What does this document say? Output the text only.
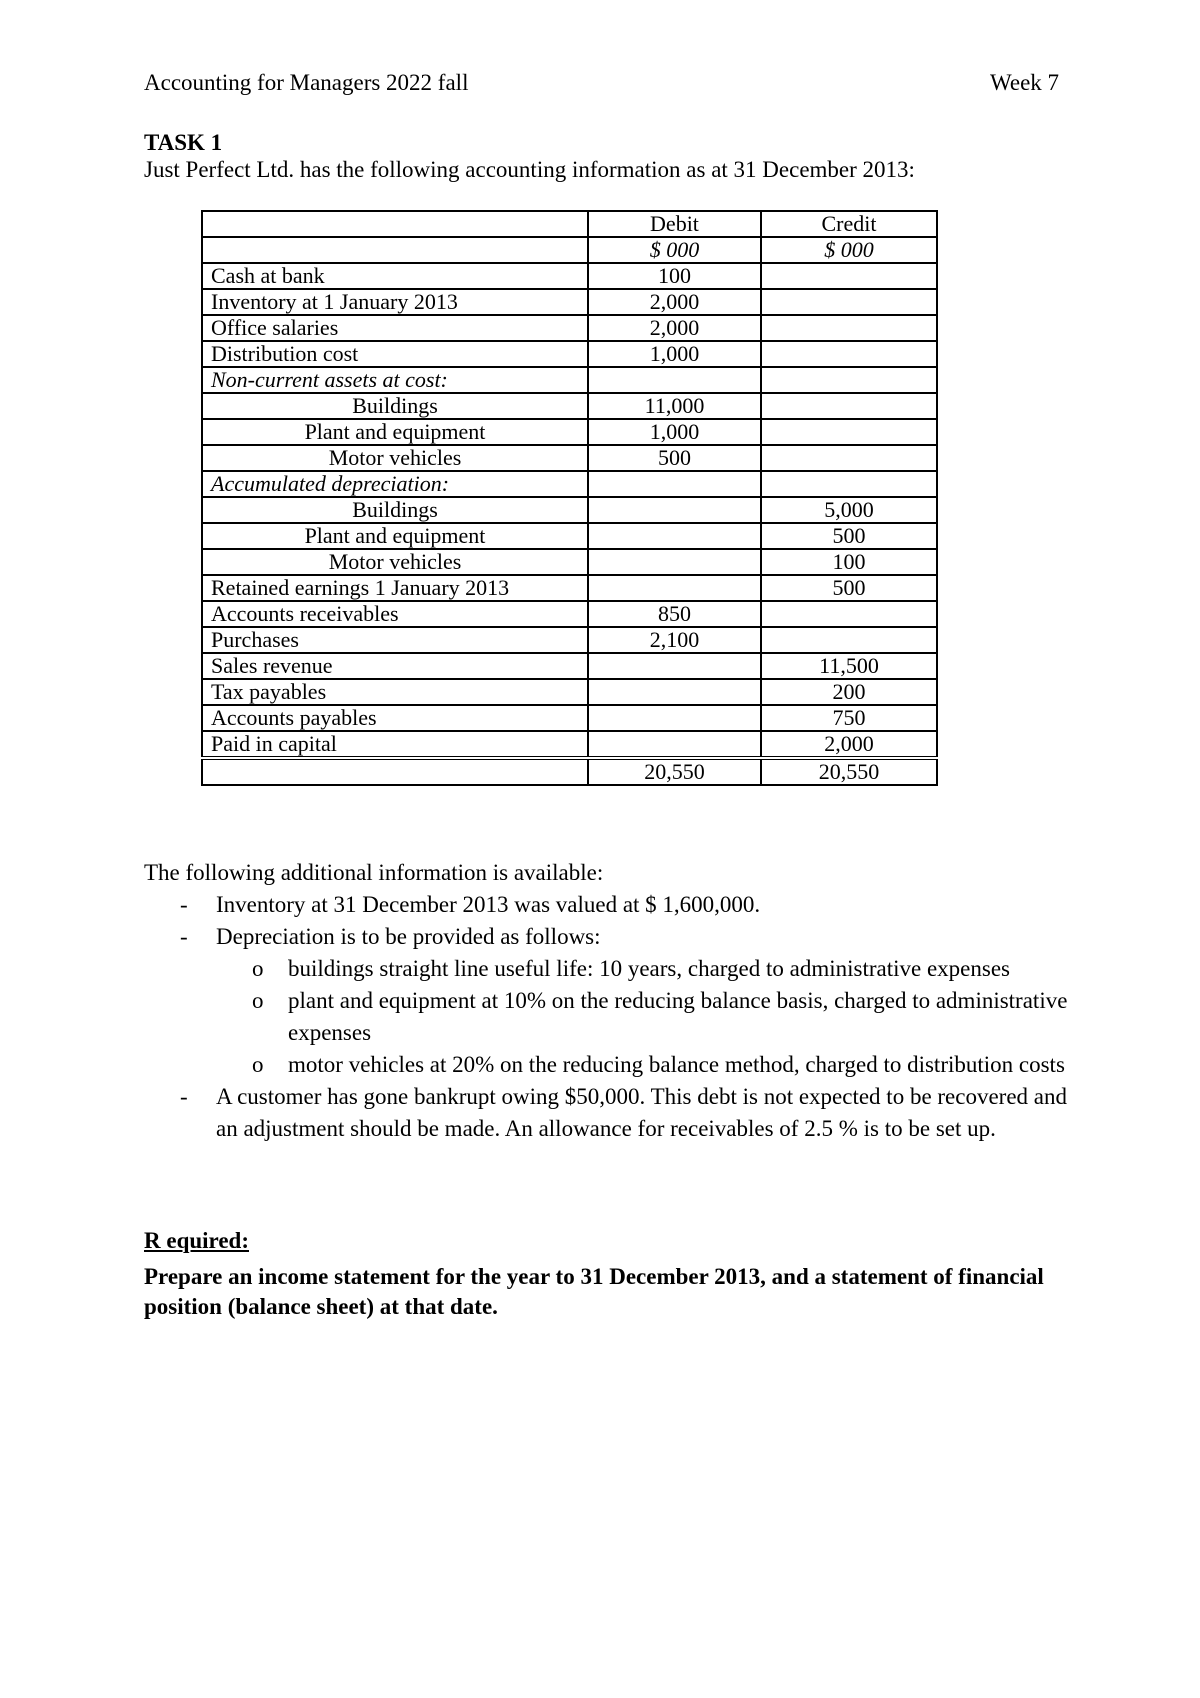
Accounting for Managers 2022 fall	Week 7
TASK 1
Just Perfect Ltd. has the following accounting information as at 31 December 2013:
	Debit	Credit
	$ 000	$ 000
Cash at bank	100	
Inventory at 1 January 2013	2,000	
Office salaries	2,000	
Distribution cost	1,000	
Non-current assets at cost:		
Buildings	11,000	
Plant and equipment	1,000	
Motor vehicles	500	
Accumulated depreciation:		
Buildings		5,000
Plant and equipment		500
Motor vehicles		100
Retained earnings 1 January 2013		500
Accounts receivables	850	
Purchases	2,100	
Sales revenue		11,500
Tax payables		200
Accounts payables		750
Paid in capital		2,000
	20,550	20,550

The following additional information is available:

- Inventory at 31 December 2013 was valued at $ 1,600,000.
- Depreciation is to be provided as follows:
o buildings straight line useful life: 10 years, charged to administrative expenses
o plant and equipment at 10% on the reducing balance basis, charged to administrative expenses
o motor vehicles at 20% on the reducing balance method, charged to distribution costs
- A customer has gone bankrupt owing $50,000. This debt is not expected to be recovered and an adjustment should be made. An allowance for receivables of 2.5 % is to be set up.
R equired:
Prepare an income statement for the year to 31 December 2013, and a statement of financial position (balance sheet) at that date.
